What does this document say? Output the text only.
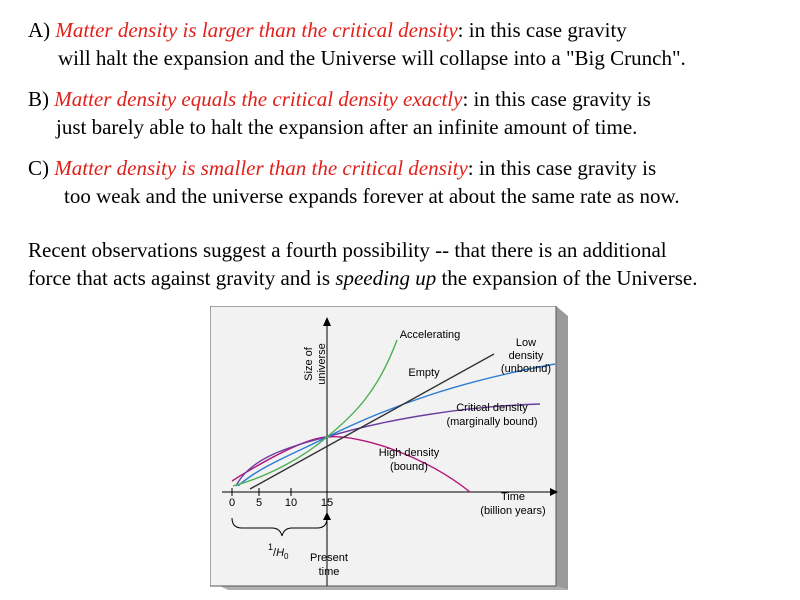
A) Matter density is larger than the critical density: in this case gravity
will halt the expansion and the Universe will collapse into a "Big Crunch".

B) Matter density equals the critical density exactly: in this case gravity is
just barely able to halt the expansion after an infinite amount of time.

C) Matter density is smaller than the critical density: in this case gravity is
too weak and the universe expands forever at about the same rate as now.

Recent observations suggest a fourth possibility -- that there is an additional
force that acts against gravity and is speeding up the expansion of the Universe.

0 5 10 15
Size ofuniverse
Time
(billion years)
Accelerating
Empty
Low
density
(unbound)
Critical density
(marginally bound)
High density
(bound)
$^1/H_0$ Present
time
